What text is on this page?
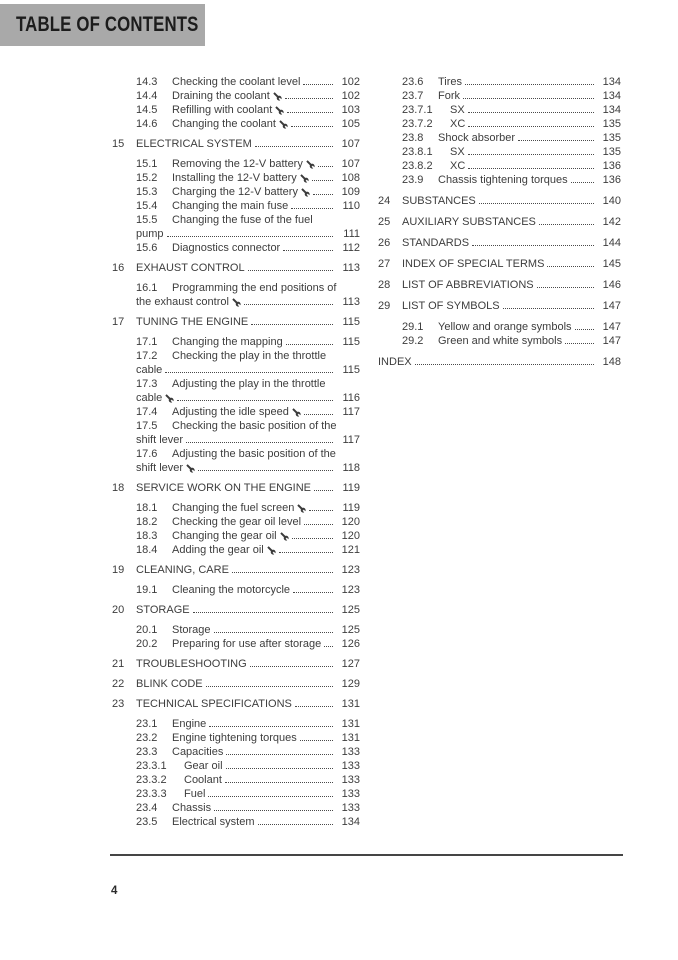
TABLE OF CONTENTS
14.3	Checking the coolant level	102
14.4	Draining the coolant	102
14.5	Refilling with coolant	103
14.6	Changing the coolant	105
15	ELECTRICAL SYSTEM	107
15.1	Removing the 12-V battery	107
15.2	Installing the 12-V battery	108
15.3	Charging the 12-V battery	109
15.4	Changing the main fuse	110
15.5	Changing the fuse of the fuel
pump	111
15.6	Diagnostics connector	112
16	EXHAUST CONTROL	113
16.1	Programming the end positions of
the exhaust control	113
17	TUNING THE ENGINE	115
17.1	Changing the mapping	115
17.2	Checking the play in the throttle
cable	115
17.3	Adjusting the play in the throttle
cable	116
17.4	Adjusting the idle speed	117
17.5	Checking the basic position of the
shift lever	117
17.6	Adjusting the basic position of the
shift lever	118
18	SERVICE WORK ON THE ENGINE	119
18.1	Changing the fuel screen	119
18.2	Checking the gear oil level	120
18.3	Changing the gear oil	120
18.4	Adding the gear oil	121
19	CLEANING, CARE	123
19.1	Cleaning the motorcycle	123
20	STORAGE	125
20.1	Storage	125
20.2	Preparing for use after storage	126
21	TROUBLESHOOTING	127
22	BLINK CODE	129
23	TECHNICAL SPECIFICATIONS	131
23.1	Engine	131
23.2	Engine tightening torques	131
23.3	Capacities	133
23.3.1	Gear oil	133
23.3.2	Coolant	133
23.3.3	Fuel	133
23.4	Chassis	133
23.5	Electrical system	134
23.6	Tires	134
23.7	Fork	134
23.7.1	SX	134
23.7.2	XC	135
23.8	Shock absorber	135
23.8.1	SX	135
23.8.2	XC	136
23.9	Chassis tightening torques	136
24	SUBSTANCES	140
25	AUXILIARY SUBSTANCES	142
26	STANDARDS	144
27	INDEX OF SPECIAL TERMS	145
28	LIST OF ABBREVIATIONS	146
29	LIST OF SYMBOLS	147
29.1	Yellow and orange symbols	147
29.2	Green and white symbols	147
INDEX	148
4
